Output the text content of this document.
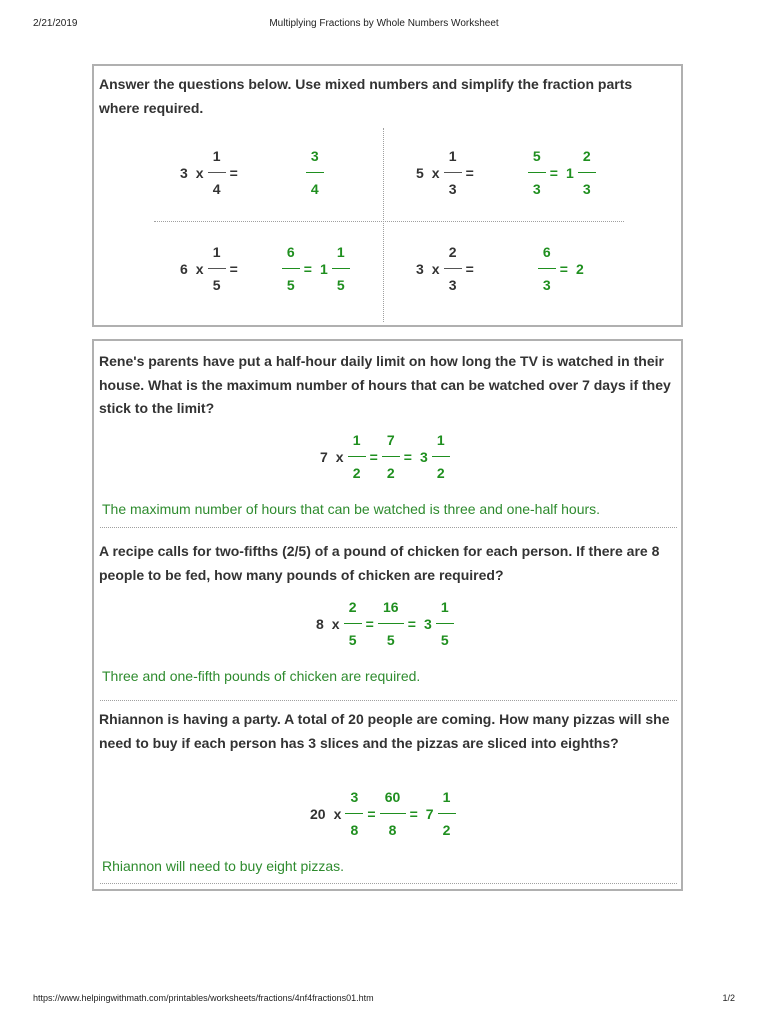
2/21/2019	Multiplying Fractions by Whole Numbers Worksheet
Answer the questions below. Use mixed numbers and simplify the fraction parts where required.
3 x $\frac{1}{4}$ =	$\frac{3}{4}$	5 x $\frac{1}{3}$ =	$\frac{5}{3} = 1 \frac{2}{3}$
6 x $\frac{1}{5}$ =	$\frac{6}{5} = 1 \frac{1}{5}$	3 x $\frac{2}{3}$ =	$\frac{6}{3} = 2$
Rene's parents have put a half-hour daily limit on how long the TV is watched in their house. What is the maximum number of hours that can be watched over 7 days if they stick to the limit?
7 x $\frac{1}{2} = \frac{7}{2} = 3 \frac{1}{2}$
The maximum number of hours that can be watched is three and one-half hours.
A recipe calls for two-fifths (2/5) of a pound of chicken for each person. If there are 8 people to be fed, how many pounds of chicken are required?
8 x $\frac{2}{5} = \frac{16}{5} = 3 \frac{1}{5}$
Three and one-fifth pounds of chicken are required.
Rhiannon is having a party. A total of 20 people are coming. How many pizzas will she need to buy if each person has 3 slices and the pizzas are sliced into eighths?
20 x $\frac{3}{8} = \frac{60}{8} = 7 \frac{1}{2}$
Rhiannon will need to buy eight pizzas.
https://www.helpingwithmath.com/printables/worksheets/fractions/4nf4fractions01.htm	1/2
